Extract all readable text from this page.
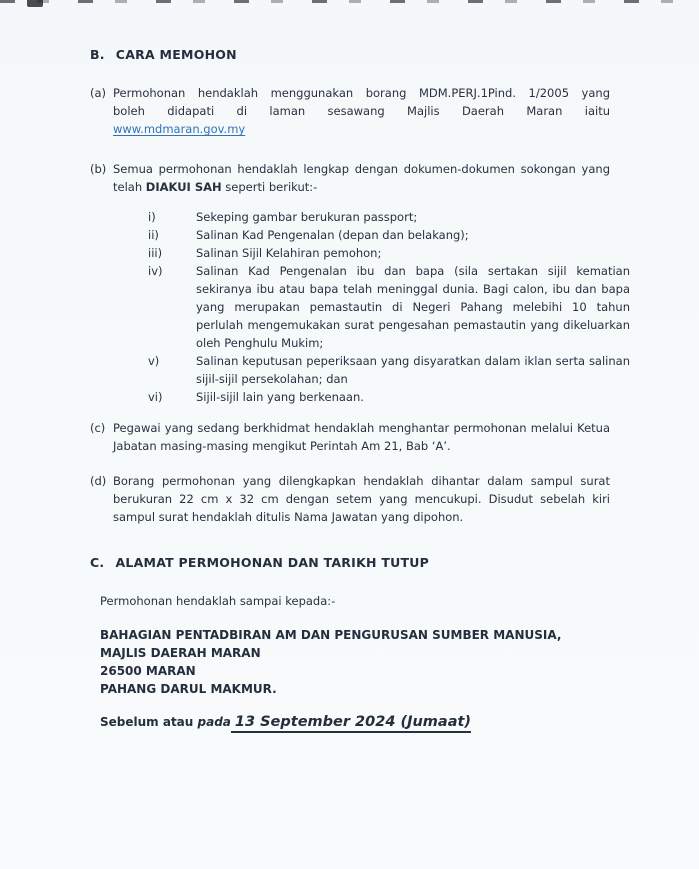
B. CARA MEMOHON
(a) Permohonan hendaklah menggunakan borang MDM.PERJ.1Pind. 1/2005 yang
boleh didapati di laman sesawang Majlis Daerah Maran iaitu
www.mdmaran.gov.my
(b) Semua permohonan hendaklah lengkap dengan dokumen-dokumen sokongan yang telah DIAKUI SAH seperti berikut:-

i)	Sekeping gambar berukuran passport;
ii)	Salinan Kad Pengenalan (depan dan belakang);
iii)	Salinan Sijil Kelahiran pemohon;
iv)	Salinan Kad Pengenalan ibu dan bapa (sila sertakan sijil kematian sekiranya ibu atau bapa telah meninggal dunia. Bagi calon, ibu dan bapa yang merupakan pemastautin di Negeri Pahang melebihi 10 tahun perlulah mengemukakan surat pengesahan pemastautin yang dikeluarkan oleh Penghulu Mukim;
v)	Salinan keputusan peperiksaan yang disyaratkan dalam iklan serta salinan sijil-sijil persekolahan; dan
vi)	Sijil-sijil lain yang berkenaan.
(c) Pegawai yang sedang berkhidmat hendaklah menghantar permohonan melalui Ketua Jabatan masing-masing mengikut Perintah Am 21, Bab ‘A’.

(d) Borang permohonan yang dilengkapkan hendaklah dihantar dalam sampul surat berukuran 22 cm x 32 cm dengan setem yang mencukupi. Disudut sebelah kiri sampul surat hendaklah ditulis Nama Jawatan yang dipohon.

C. ALAMAT PERMOHONAN DAN TARIKH TUTUP

Permohonan hendaklah sampai kepada:-

BAHAGIAN PENTADBIRAN AM DAN PENGURUSAN SUMBER MANUSIA,
MAJLIS DAERAH MARAN
26500 MARAN
PAHANG DARUL MAKMUR.
Sebelum atau pada 13 September 2024 (Jumaat)
